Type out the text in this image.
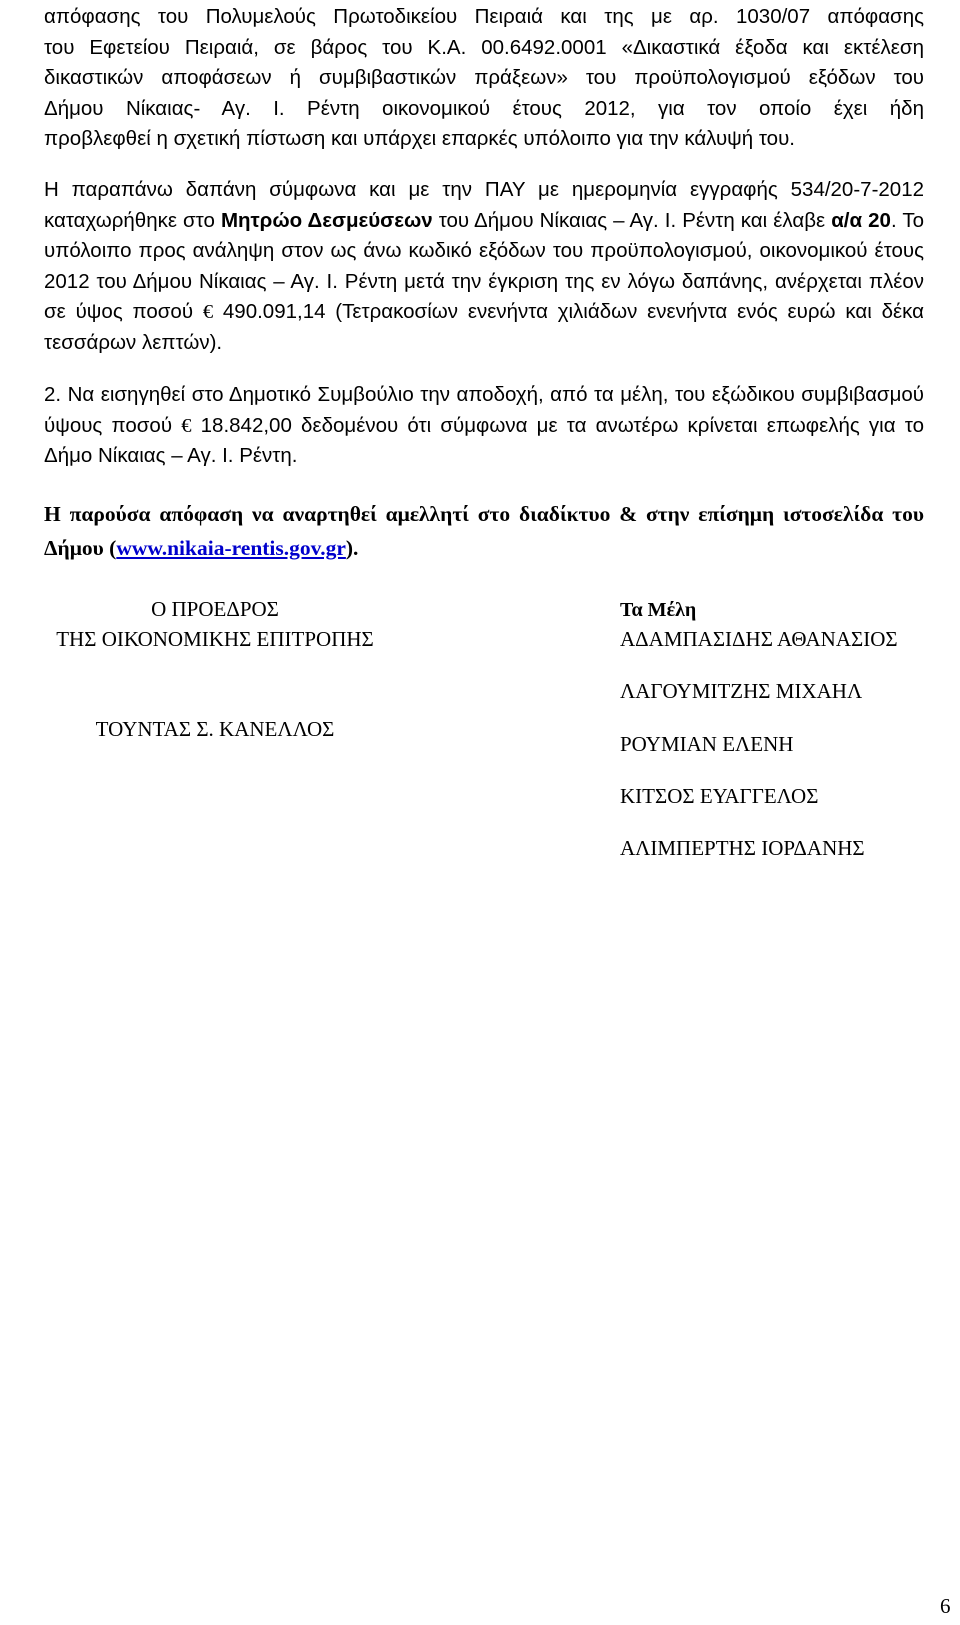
απόφασης του Πολυμελούς Πρωτοδικείου Πειραιά και της με αρ. 1030/07 απόφασης
του Εφετείου Πειραιά, σε βάρος του Κ.Α. 00.6492.0001 «Δικαστικά έξοδα και εκτέλεση
δικαστικών αποφάσεων ή συμβιβαστικών πράξεων» του προϋπολογισμού εξόδων του
Δήμου Νίκαιας- Αγ. Ι. Ρέντη οικονομικού έτους 2012, για τον οποίο έχει ήδη
προβλεφθεί η σχετική πίστωση και υπάρχει επαρκές υπόλοιπο για την κάλυψή του.

Η παραπάνω δαπάνη σύμφωνα και με την ΠΑΥ με ημερομηνία εγγραφής 534/20-7-2012 καταχωρήθηκε στο Μητρώο Δεσμεύσεων του Δήμου Νίκαιας – Αγ. Ι. Ρέντη και έλαβε α/α 20. Το υπόλοιπο προς ανάληψη στον ως άνω κωδικό εξόδων του προϋπολογισμού, οικονομικού έτους 2012 του Δήμου Νίκαιας – Αγ. Ι. Ρέντη μετά την έγκριση της εν λόγω δαπάνης, ανέρχεται πλέον σε ύψος ποσού € 490.091,14 (Τετρακοσίων ενενήντα χιλιάδων ενενήντα ενός ευρώ και δέκα τεσσάρων λεπτών).

2. Να εισηγηθεί στο Δημοτικό Συμβούλιο την αποδοχή, από τα μέλη, του εξώδικου συμβιβασμού ύψους ποσού € 18.842,00 δεδομένου ότι σύμφωνα με τα ανωτέρω κρίνεται επωφελής για το Δήμο Νίκαιας – Αγ. Ι. Ρέντη.

Η παρούσα απόφαση να αναρτηθεί αμελλητί στο διαδίκτυο & στην επίσημη ιστοσελίδα του Δήμου (www.nikaia-rentis.gov.gr).

Ο ΠΡΟΕΔΡΟΣ
ΤΗΣ ΟΙΚΟΝΟΜΙΚΗΣ ΕΠΙΤΡΟΠΗΣ
ΤΟΥΝΤΑΣ Σ. ΚΑΝΕΛΛΟΣ
Τα Μέλη
ΑΔΑΜΠΑΣΙΔΗΣ ΑΘΑΝΑΣΙΟΣ
ΛΑΓΟΥΜΙΤΖΗΣ ΜΙΧΑΗΛ
ΡΟΥΜΙΑΝ ΕΛΕΝΗ
ΚΙΤΣΟΣ ΕΥΑΓΓΕΛΟΣ
ΑΛΙΜΠΕΡΤΗΣ ΙΟΡΔΑΝΗΣ
6
